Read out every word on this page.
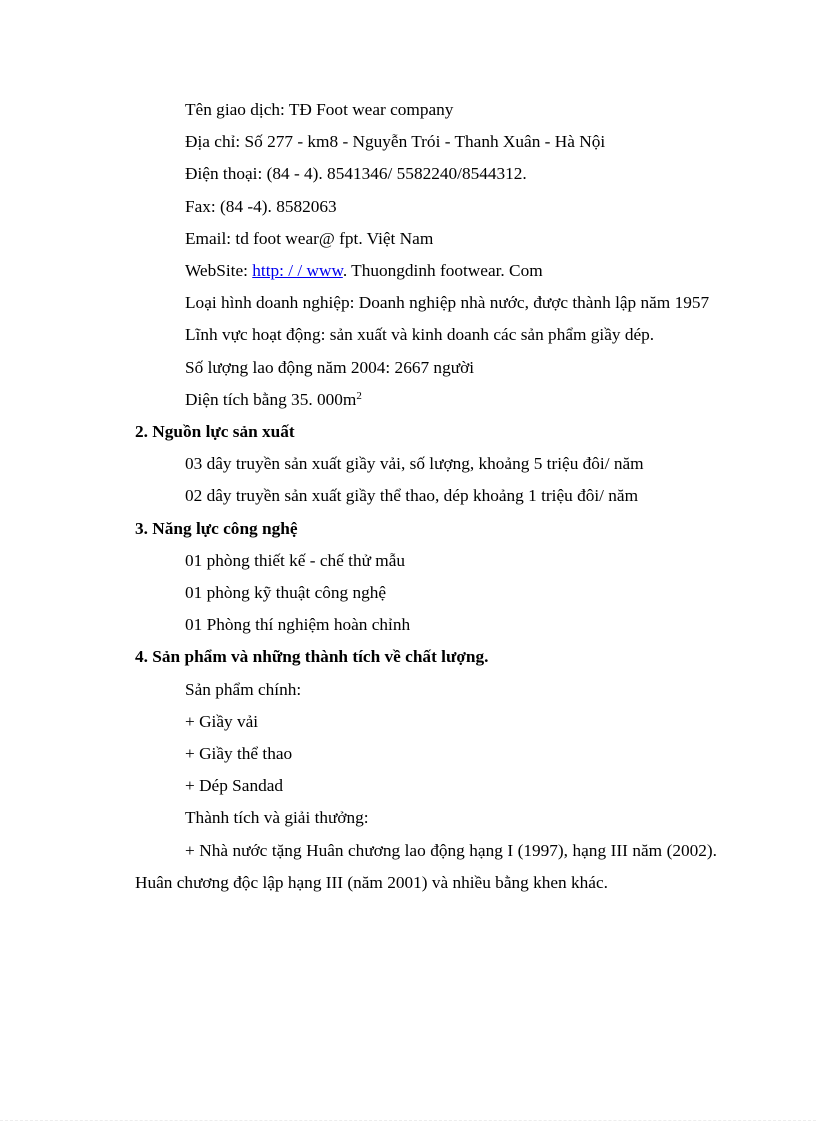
Tên giao dịch: TĐ Foot wear company

Địa chỉ: Số 277 - km8 - Nguyễn Trói - Thanh Xuân - Hà Nội

Điện thoại: (84 - 4). 8541346/ 5582240/8544312.

Fax: (84 -4). 8582063

Email: td foot wear@ fpt. Việt Nam

WebSite: http: / / www. Thuongdinh footwear. Com

Loại hình doanh nghiệp: Doanh nghiệp nhà nước, được thành lập năm 1957

Lĩnh vực hoạt động: sản xuất và kinh doanh các sản phẩm giầy dép.

Số lượng lao động năm 2004: 2667 người

Diện tích bằng 35. $000m^2$

2. Nguồn lực sản xuất

03 dây truyền sản xuất giầy vải, số lượng, khoảng 5 triệu đôi/ năm

02 dây truyền sản xuất giầy thể thao, dép khoảng 1 triệu đôi/ năm

3. Năng lực công nghệ

01 phòng thiết kế - chế thử mẫu

01 phòng kỹ thuật công nghệ

01 Phòng thí nghiệm hoàn chỉnh

4. Sản phẩm và những thành tích về chất lượng.

Sản phẩm chính:

+ Giầy vải

+ Giầy thể thao

+ Dép Sandad

Thành tích và giải thưởng:

+ Nhà nước tặng Huân chương lao động hạng I (1997), hạng III năm (2002). Huân chương độc lập hạng III (năm 2001) và nhiều bằng khen khác.
